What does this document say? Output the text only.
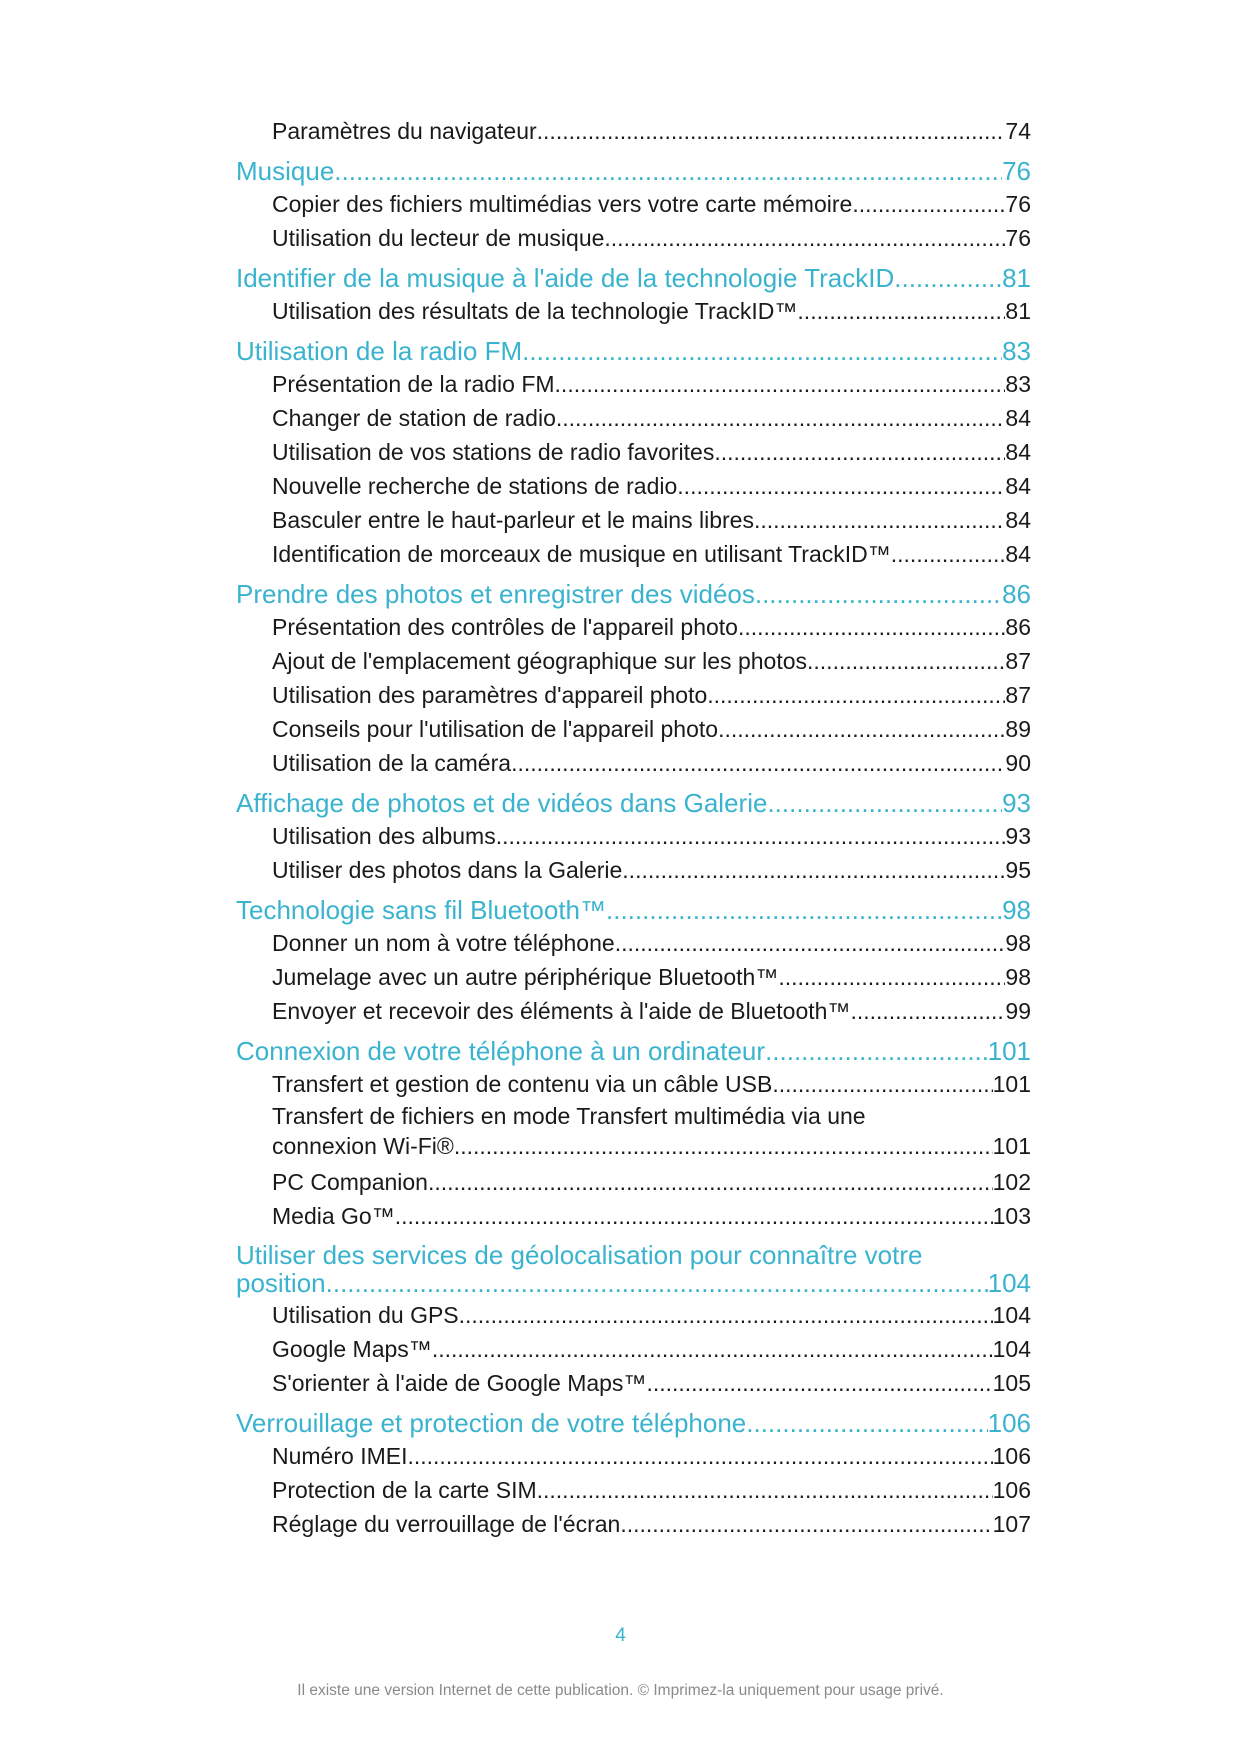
Paramètres du navigateur .....	74
Musique .....	76
Copier des fichiers multimédias vers votre carte mémoire .....	76
Utilisation du lecteur de musique .....	76
Identifier de la musique à l'aide de la technologie TrackID .....	81
Utilisation des résultats de la technologie TrackID™ .....	81
Utilisation de la radio FM .....	83
Présentation de la radio FM .....	83
Changer de station de radio .....	84
Utilisation de vos stations de radio favorites .....	84
Nouvelle recherche de stations de radio .....	84
Basculer entre le haut-parleur et le mains libres .....	84
Identification de morceaux de musique en utilisant TrackID™ .....	84
Prendre des photos et enregistrer des vidéos .....	86
Présentation des contrôles de l'appareil photo .....	86
Ajout de l'emplacement géographique sur les photos .....	87
Utilisation des paramètres d'appareil photo .....	87
Conseils pour l'utilisation de l'appareil photo .....	89
Utilisation de la caméra .....	90
Affichage de photos et de vidéos dans Galerie .....	93
Utilisation des albums .....	93
Utiliser des photos dans la Galerie .....	95
Technologie sans fil Bluetooth™ .....	98
Donner un nom à votre téléphone .....	98
Jumelage avec un autre périphérique Bluetooth™ .....	98
Envoyer et recevoir des éléments à l'aide de Bluetooth™ .....	99
Connexion de votre téléphone à un ordinateur .....	101
Transfert et gestion de contenu via un câble USB .....	101
Transfert de fichiers en mode Transfert multimédia via une
connexion Wi-Fi® .....	101
PC Companion .....	102
Media Go™ .....	103
Utiliser des services de géolocalisation pour connaître votre
position .....	104
Utilisation du GPS .....	104
Google Maps™ .....	104
S'orienter à l'aide de Google Maps™ .....	105
Verrouillage et protection de votre téléphone .....	106
Numéro IMEI .....	106
Protection de la carte SIM .....	106
Réglage du verrouillage de l'écran .....	107
4
Il existe une version Internet de cette publication. © Imprimez-la uniquement pour usage privé.
